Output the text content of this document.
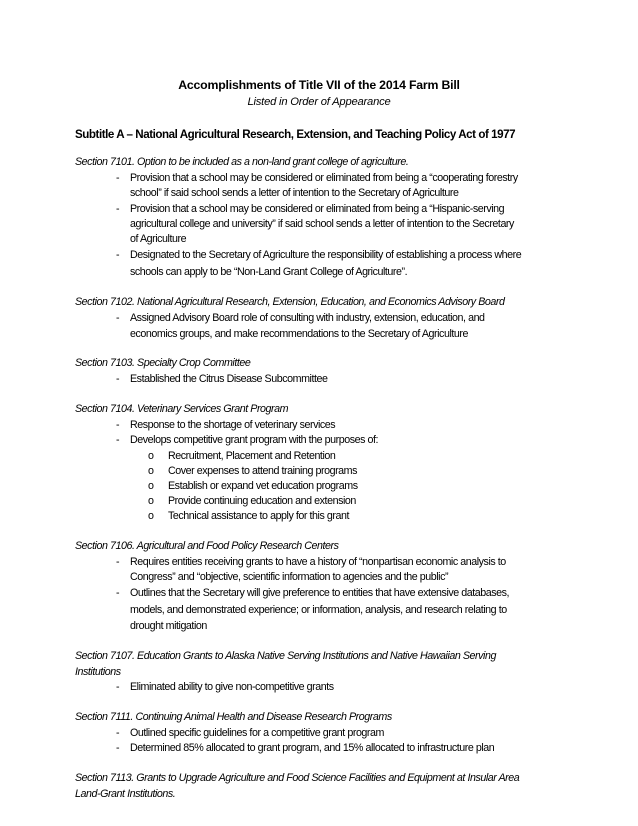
Accomplishments of Title VII of the 2014 Farm Bill
Listed in Order of Appearance
Subtitle A – National Agricultural Research, Extension, and Teaching Policy Act of 1977
Section 7101. Option to be included as a non-land grant college of agriculture.
- Provision that a school may be considered or eliminated from being a “cooperating forestry
school” if said school sends a letter of intention to the Secretary of Agriculture
- Provision that a school may be considered or eliminated from being a “Hispanic-serving
agricultural college and university” if said school sends a letter of intention to the Secretary
of Agriculture
- Designated to the Secretary of Agriculture the responsibility of establishing a process where
schools can apply to be “Non-Land Grant College of Agriculture”.
Section 7102. National Agricultural Research, Extension, Education, and Economics Advisory Board
- Assigned Advisory Board role of consulting with industry, extension, education, and
economics groups, and make recommendations to the Secretary of Agriculture
Section 7103. Specialty Crop Committee
- Established the Citrus Disease Subcommittee
Section 7104. Veterinary Services Grant Program
- Response to the shortage of veterinary services
- Develops competitive grant program with the purposes of:
o Recruitment, Placement and Retention
o Cover expenses to attend training programs
o Establish or expand vet education programs
o Provide continuing education and extension
o Technical assistance to apply for this grant
Section 7106. Agricultural and Food Policy Research Centers
- Requires entities receiving grants to have a history of “nonpartisan economic analysis to
Congress” and “objective, scientific information to agencies and the public”
- Outlines that the Secretary will give preference to entities that have extensive databases,
models, and demonstrated experience; or information, analysis, and research relating to
drought mitigation
Section 7107. Education Grants to Alaska Native Serving Institutions and Native Hawaiian Serving
Institutions
- Eliminated ability to give non-competitive grants
Section 7111. Continuing Animal Health and Disease Research Programs
- Outlined specific guidelines for a competitive grant program
- Determined 85% allocated to grant program, and 15% allocated to infrastructure plan
Section 7113. Grants to Upgrade Agriculture and Food Science Facilities and Equipment at Insular Area
Land-Grant Institutions.
